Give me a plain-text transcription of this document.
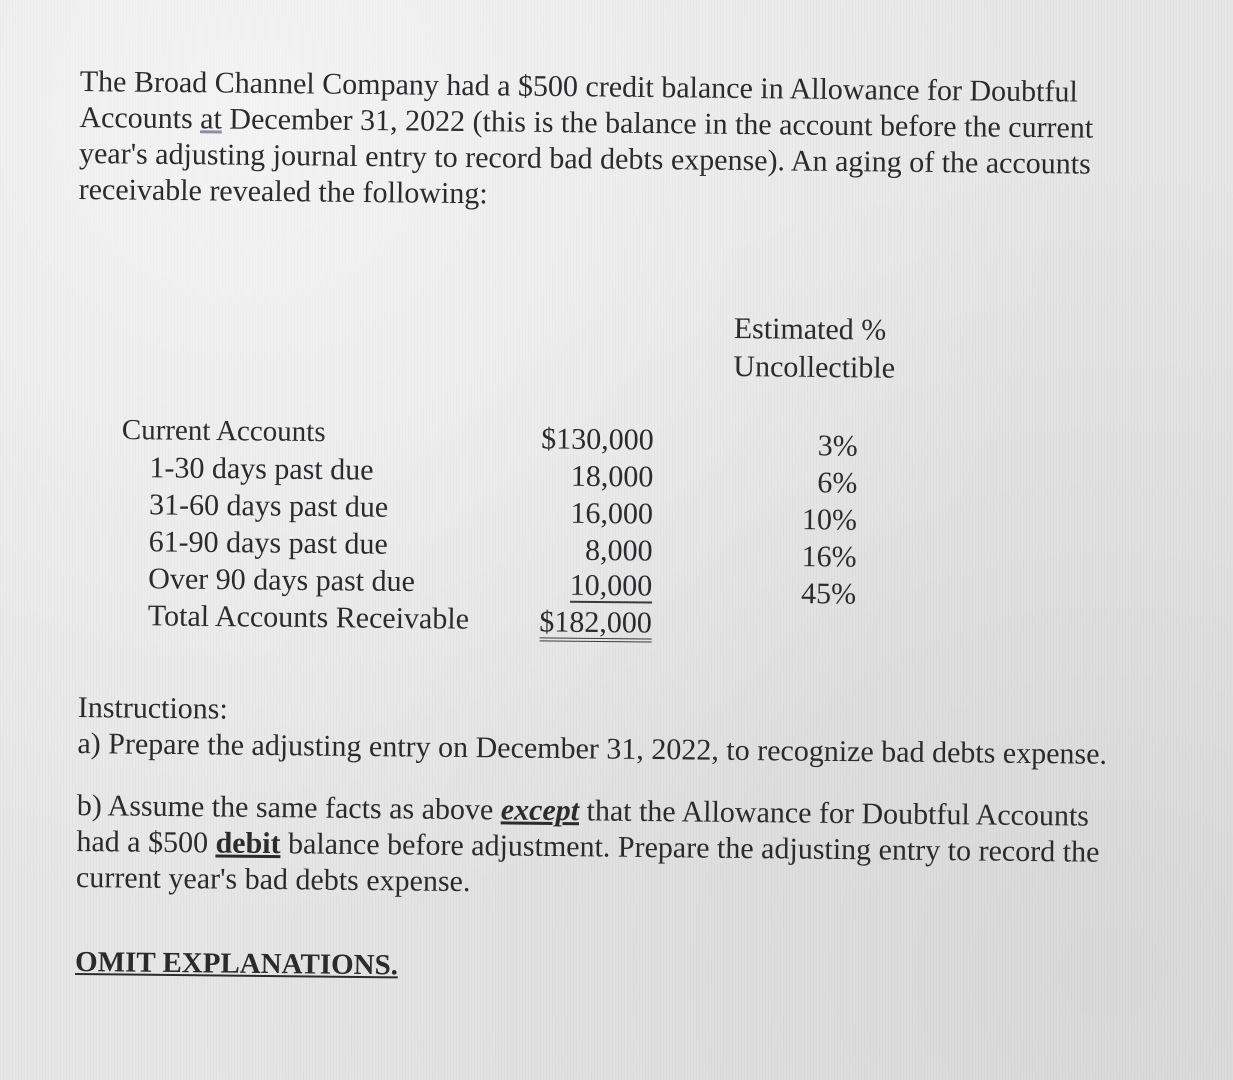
The Broad Channel Company had a $500 credit balance in Allowance for Doubtful
Accounts at December 31, 2022 (this is the balance in the account before the current
year's adjusting journal entry to record bad debts expense). An aging of the accounts
receivable revealed the following:
Estimated %
Uncollectible
Current Accounts	$130,000	3%
1-30 days past due	18,000	6%
31-60 days past due	16,000	10%
61-90 days past due	8,000	16%
Over 90 days past due	10,000	45%
Total Accounts Receivable $182,000

Instructions:

a) Prepare the adjusting entry on December 31, 2022, to recognize bad debts expense.

b) Assume the same facts as above except that the Allowance for Doubtful Accounts

had a $500 debit balance before adjustment. Prepare the adjusting entry to record the

current year's bad debts expense.

OMIT EXPLANATIONS.
